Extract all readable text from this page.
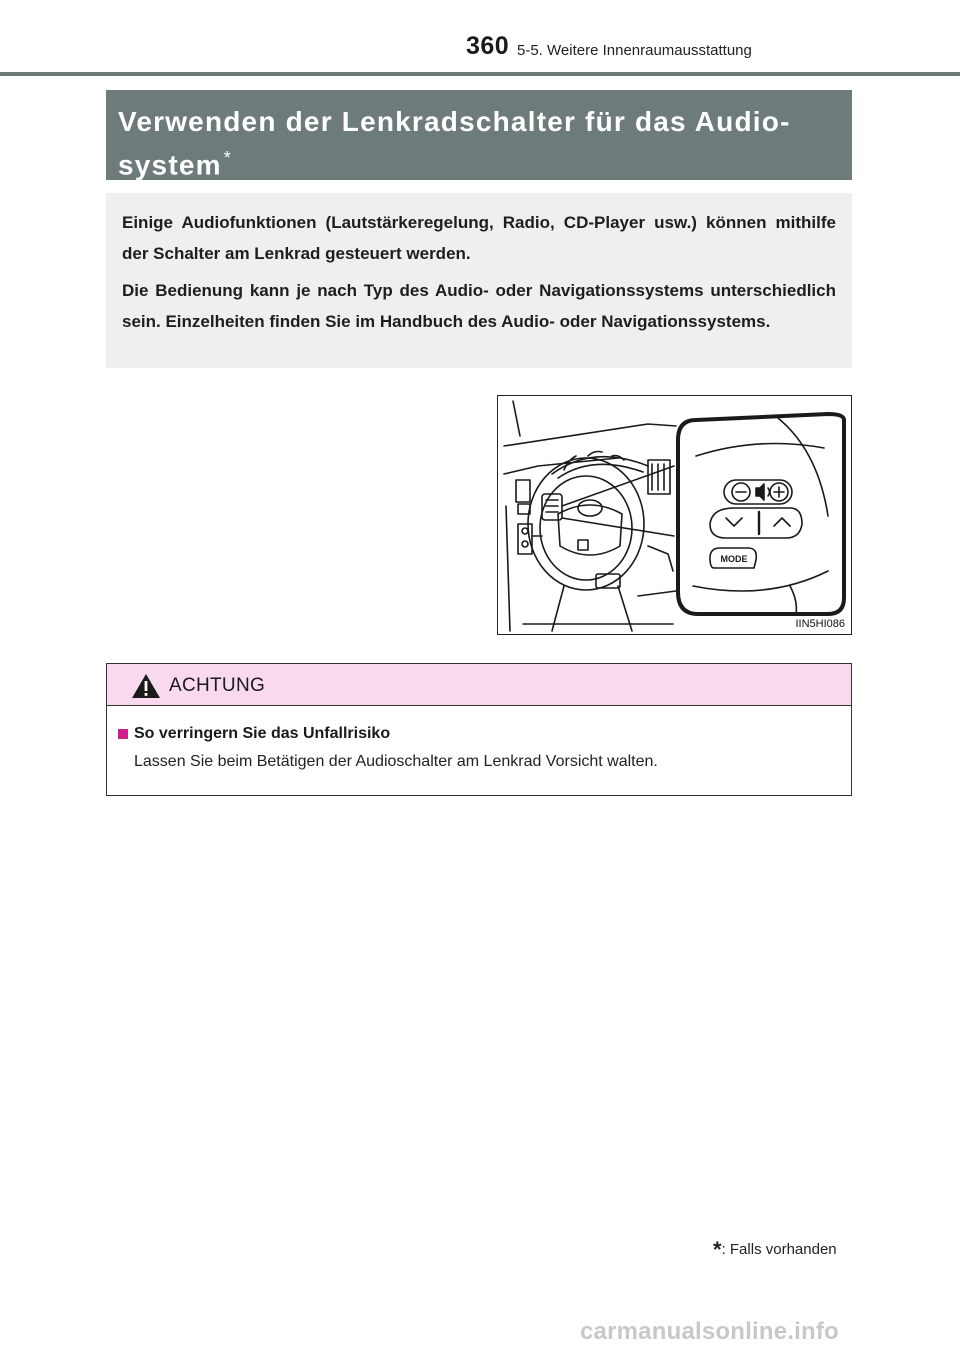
360 5-5. Weitere Innenraumausstattung
Verwenden der Lenkradschalter für das Audio-
system *

Einige Audiofunktionen (Lautstärkeregelung, Radio, CD-Player usw.) können mithilfe der Schalter am Lenkrad gesteuert werden.

Die Bedienung kann je nach Typ des Audio- oder Navigationssystems unterschiedlich sein. Einzelheiten finden Sie im Handbuch des Audio- oder Navigationssystems.

MODE
IIN5HI086
ACHTUNG
So verringern Sie das Unfallrisiko
Lassen Sie beim Betätigen der Audioschalter am Lenkrad Vorsicht walten.
*: Falls vorhanden
carmanualsonline.info
